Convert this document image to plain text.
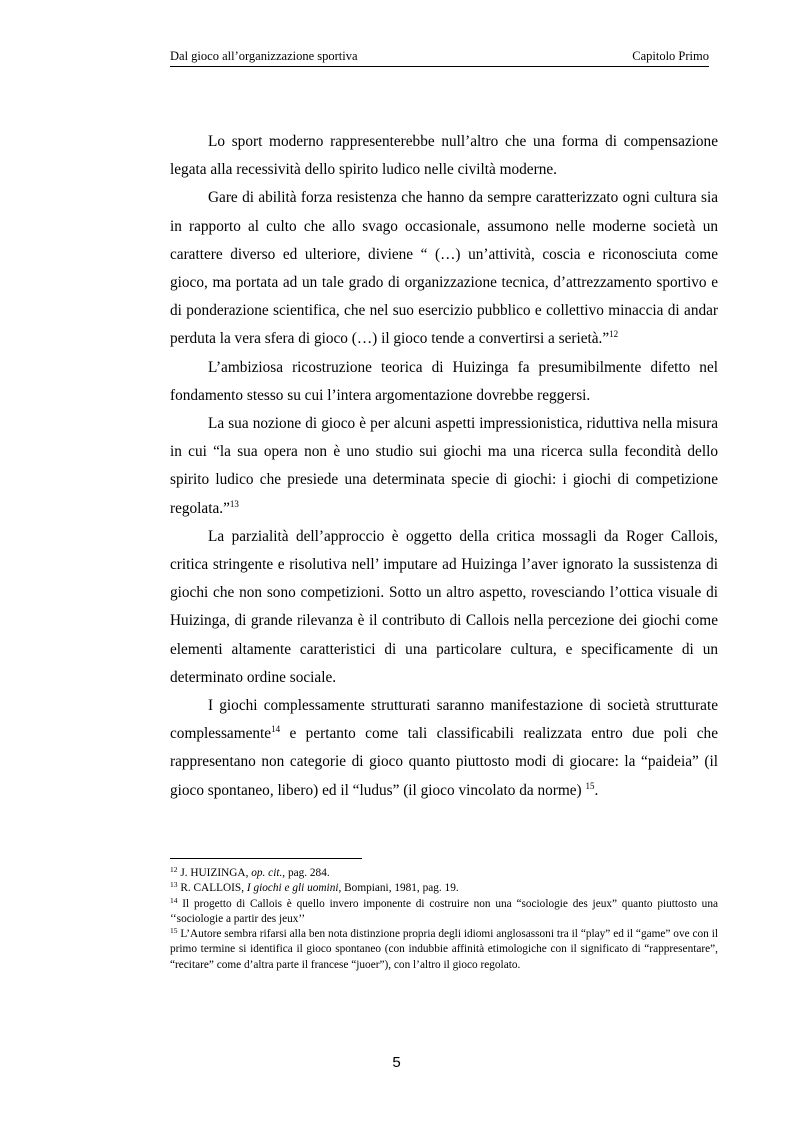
Dal gioco all’organizzazione sportiva	Capitolo Primo

Lo sport moderno rappresenterebbe null’altro che una forma di compensazione legata alla recessività dello spirito ludico nelle civiltà moderne.

Gare di abilità forza resistenza che hanno da sempre caratterizzato ogni cultura sia in rapporto al culto che allo svago occasionale, assumono nelle moderne società un carattere diverso ed ulteriore, diviene “ (…) un’attività, coscia e riconosciuta come gioco, ma portata ad un tale grado di organizzazione tecnica, d’attrezzamento sportivo e di ponderazione scientifica, che nel suo esercizio pubblico e collettivo minaccia di andar perduta la vera sfera di gioco (…) il gioco tende a convertirsi a serietà.”$^{12}$

L’ambiziosa ricostruzione teorica di Huizinga fa presumibilmente difetto nel fondamento stesso su cui l’intera argomentazione dovrebbe reggersi.

La sua nozione di gioco è per alcuni aspetti impressionistica, riduttiva nella misura in cui “la sua opera non è uno studio sui giochi ma una ricerca sulla fecondità dello spirito ludico che presiede una determinata specie di giochi: i giochi di competizione regolata.”$^{13}$

La parzialità dell’approccio è oggetto della critica mossagli da Roger Callois, critica stringente e risolutiva nell’ imputare ad Huizinga l’aver ignorato la sussistenza di giochi che non sono competizioni. Sotto un altro aspetto, rovesciando l’ottica visuale di Huizinga, di grande rilevanza è il contributo di Callois nella percezione dei giochi come elementi altamente caratteristici di una particolare cultura, e specificamente di un determinato ordine sociale.

I giochi complessamente strutturati saranno manifestazione di società strutturate complessamente$^{14}$ e pertanto come tali classificabili realizzata entro due poli che rappresentano non categorie di gioco quanto piuttosto modi di giocare: la “paideia” (il gioco spontaneo, libero) ed il “ludus” (il gioco vincolato da norme) $^{15}$.

$^{12}$ J. HUIZINGA, op. cit., pag. 284.

$^{13}$ R. CALLOIS, I giochi e gli uomini, Bompiani, 1981, pag. 19.

$^{14}$ Il progetto di Callois è quello invero imponente di costruire non una “sociologie des jeux” quanto piuttosto una ‘‘sociologie a partir des jeux’’

$^{15}$ L’Autore sembra rifarsi alla ben nota distinzione propria degli idiomi anglosassoni tra il “play” ed il “game” ove con il primo termine si identifica il gioco spontaneo (con indubbie affinità etimologiche con il significato di “rappresentare”, “recitare” come d’altra parte il francese “juoer”), con l’altro il gioco regolato.

5
